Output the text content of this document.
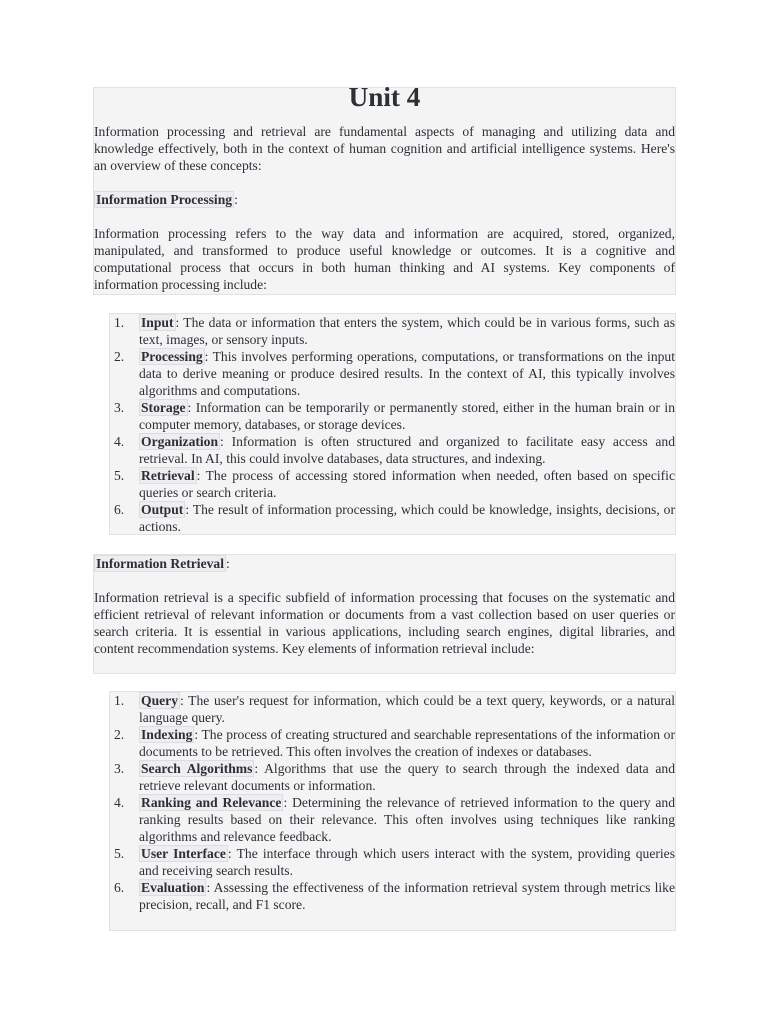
Unit 4

Information processing and retrieval are fundamental aspects of managing and utilizing data and knowledge effectively, both in the context of human cognition and artificial intelligence systems. Here's an overview of these concepts:

Information Processing :

Information processing refers to the way data and information are acquired, stored, organized, manipulated, and transformed to produce useful knowledge or outcomes. It is a cognitive and computational process that occurs in both human thinking and AI systems. Key components of information processing include:

1. Input : The data or information that enters the system, which could be in various forms, such as text, images, or sensory inputs.
2. Processing : This involves performing operations, computations, or transformations on the input data to derive meaning or produce desired results. In the context of AI, this typically involves algorithms and computations.
3. Storage : Information can be temporarily or permanently stored, either in the human brain or in computer memory, databases, or storage devices.
4. Organization : Information is often structured and organized to facilitate easy access and retrieval. In AI, this could involve databases, data structures, and indexing.
5. Retrieval : The process of accessing stored information when needed, often based on specific queries or search criteria.
6. Output : The result of information processing, which could be knowledge, insights, decisions, or actions.
Information Retrieval :

Information retrieval is a specific subfield of information processing that focuses on the systematic and efficient retrieval of relevant information or documents from a vast collection based on user queries or search criteria. It is essential in various applications, including search engines, digital libraries, and content recommendation systems. Key elements of information retrieval include:

1. Query : The user's request for information, which could be a text query, keywords, or a natural language query.
2. Indexing : The process of creating structured and searchable representations of the information or documents to be retrieved. This often involves the creation of indexes or databases.
3. Search Algorithms : Algorithms that use the query to search through the indexed data and retrieve relevant documents or information.
4. Ranking and Relevance : Determining the relevance of retrieved information to the query and ranking results based on their relevance. This often involves using techniques like ranking algorithms and relevance feedback.
5. User Interface : The interface through which users interact with the system, providing queries and receiving search results.
6. Evaluation : Assessing the effectiveness of the information retrieval system through metrics like precision, recall, and F1 score.
